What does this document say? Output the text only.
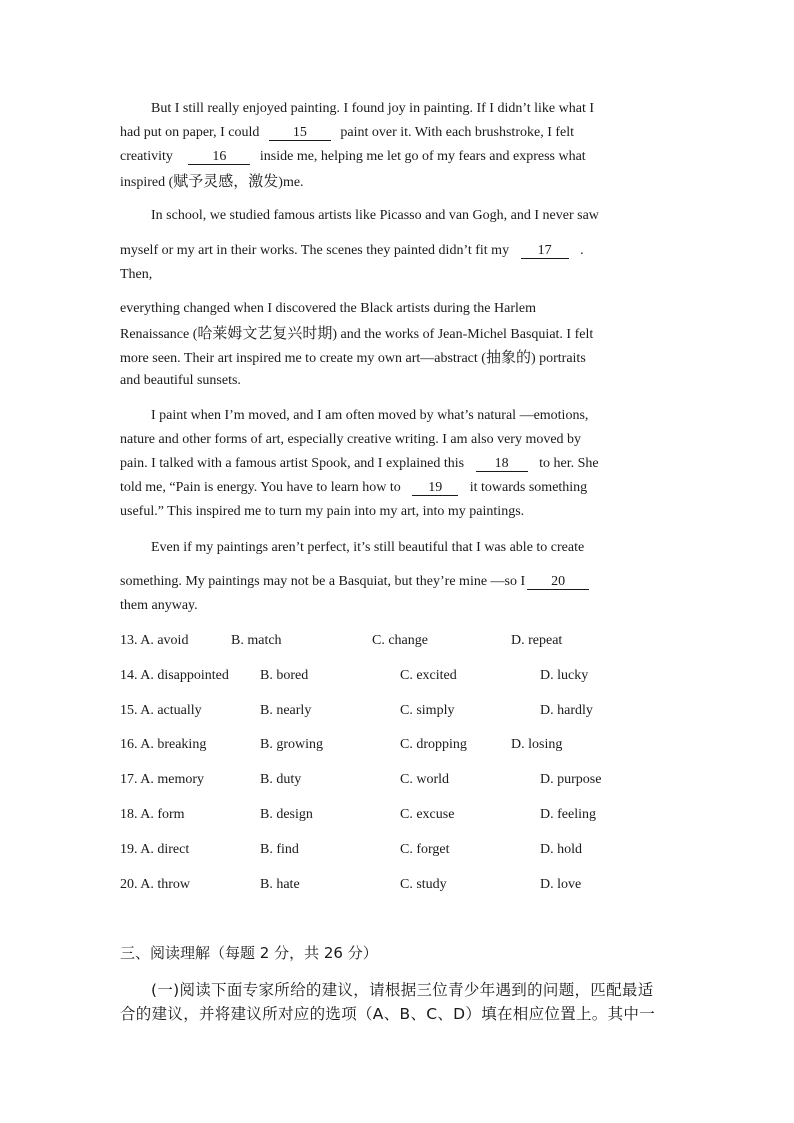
But I still really enjoyed painting. I found joy in painting. If I didn’t like what I
had put on paper, I could 15 paint over it. With each brushstroke, I felt
creativity	16 inside me, helping me let go of my fears and express what
inspired (赋予灵感，激发)me.
In school, we studied famous artists like Picasso and van Gogh, and I never saw
myself or my art in their works. The scenes they painted didn’t fit my 17 .
Then,
everything changed when I discovered the Black artists during the Harlem
Renaissance (哈莱姆文艺复兴时期) and the works of Jean-Michel Basquiat. I felt
more seen. Their art inspired me to create my own art—abstract (抽象的) portraits
and beautiful sunsets.
I paint when I’m moved, and I am often moved by what’s natural —emotions,
nature and other forms of art, especially creative writing. I am also very moved by
pain. I talked with a famous artist Spook, and I explained this 18 to her. She
told me, “Pain is energy. You have to learn how to 19 it towards something
useful.” This inspired me to turn my pain into my art, into my paintings.
Even if my paintings aren’t perfect, it’s still beautiful that I was able to create
something. My paintings may not be a Basquiat, but they’re mine —so I 20
them anyway.
13. A. avoid	B. match	C. change	D. repeat
14. A. disappointed B. bored	C. excited	D. lucky
15. A. actually	B. nearly	C. simply	D. hardly
16. A. breaking	B. growing	C. dropping	D. losing
17. A. memory	B. duty	C. world	D. purpose
18. A. form	B. design	C. excuse	D. feeling
19. A. direct	B. find	C. forget	D. hold
20. A. throw	B. hate	C. study	D. love
三、阅读理解（每题 2 分，共 26 分）
(一)阅读下面专家所给的建议，请根据三位青少年遇到的问题，匹配最适
合的建议，并将建议所对应的选项（A、B、C、D）填在相应位置上。其中一
